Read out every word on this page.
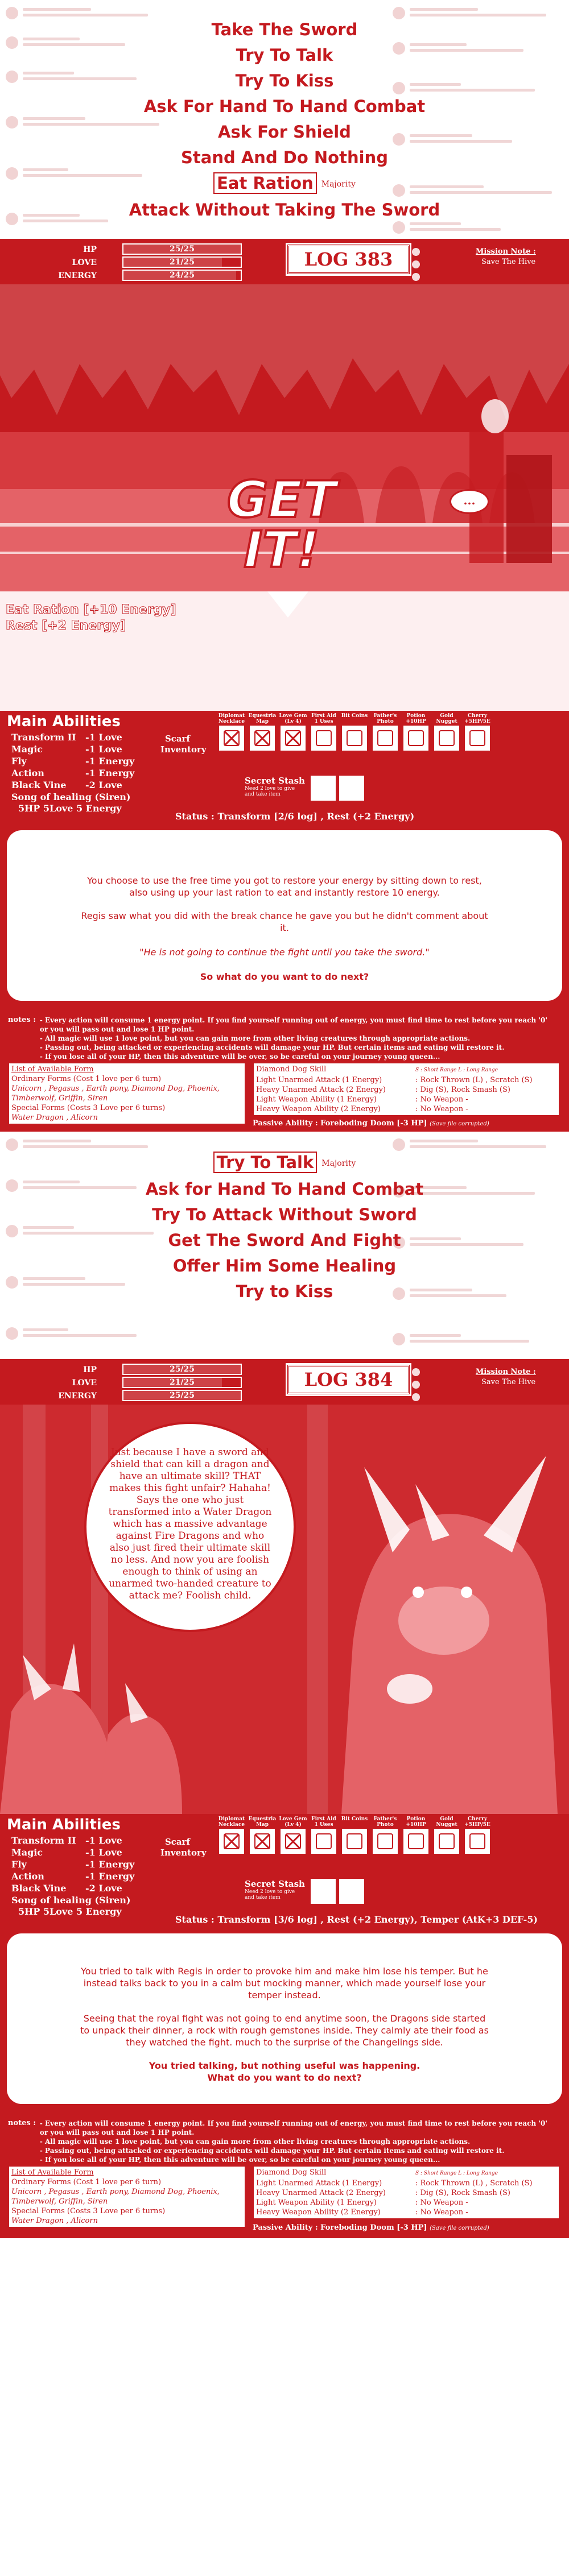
Take The Sword
Try To Talk
Try To Kiss
Ask For Hand To Hand Combat
Ask For Shield
Stand And Do Nothing
Eat Ration Majority
Attack Without Taking The Sword
HP	25/25
LOVE	21/25
ENERGY	24/25
LOG 383	Mission Note :
Save The Hive
GET
IT!
...
Eat Ration [+10 Energy]
Rest [+2 Energy]
Main Abilities
Transform II -1 Love
Magic	-1 Love
Fly	-1 Energy
Action	-1 Energy
Black Vine -2 Love
Song of healing (Siren)
5HP 5Love 5 Energy
Scarf Inventory
Diplomat Necklace
Equestria Map
Love Gem (Lv 4)
First Aid 1 Uses
Bit Coins	Father's Photo
Potion +10HP
Gold Nugget
Cherry +5HP/5E
Secret Stash
Need 2 love to give and take item
Status : Transform [2/6 log] , Rest (+2 Energy)

You choose to use the free time you got to restore your energy by sitting down to rest, also using up your last ration to eat and instantly restore 10 energy.

Regis saw what you did with the break chance he gave you but he didn't comment about it.

"He is not going to continue the fight until you take the sword."

So what do you want to do next?

notes : - Every action will consume 1 energy point. If you find yourself running out of energy, you must find time to rest before you reach '0' or you will pass out and lose 1 HP point.
- All magic will use 1 love point, but you can gain more from other living creatures through appropriate actions.
- Passing out, being attacked or experiencing accidents will damage your HP. But certain items and eating will restore it.
- If you lose all of your HP, then this adventure will be over, so be careful on your journey young queen...
List of Available Form
Ordinary Forms (Cost 1 love per 6 turn)
Unicorn , Pegasus , Earth pony, Diamond Dog, Phoenix, Timberwolf, Griffin, Siren
Special Forms (Costs 3 Love per 6 turns)
Water Dragon , Alicorn
Diamond Dog Skill	S : Short Range L : Long Range
Light Unarmed Attack (1 Energy)	: Rock Thrown (L) , Scratch (S)
Heavy Unarmed Attack (2 Energy)	: Dig (S), Rock Smash (S)
Light Weapon Ability (1 Energy)	: No Weapon -
Heavy Weapon Ability (2 Energy)	: No Weapon -
Passive Ability : Foreboding Doom [-3 HP] (Save file corrupted)
Try To Talk Majority
Ask for Hand To Hand Combat
Try To Attack Without Sword
Get The Sword And Fight
Offer Him Some Healing
Try to Kiss
HP	25/25
LOVE	21/25
ENERGY	25/25
LOG 384	Mission Note :
Save The Hive
Just because I have a sword and shield that can kill a dragon and have an ultimate skill? THAT makes this fight unfair? Hahaha! Says the one who just transformed into a Water Dragon which has a massive advantage against Fire Dragons and who also just fired their ultimate skill no less. And now you are foolish enough to think of using an unarmed two-handed creature to attack me? Foolish child.
Main Abilities
Transform II -1 Love
Magic	-1 Love
Fly	-1 Energy
Action	-1 Energy
Black Vine -2 Love
Song of healing (Siren)
5HP 5Love 5 Energy
Scarf Inventory
Diplomat Necklace
Equestria Map
Love Gem (Lv 4)
First Aid 1 Uses
Bit Coins	Father's Photo
Potion +10HP
Gold Nugget
Cherry +5HP/5E
Secret Stash
Need 2 love to give and take item
Status : Transform [3/6 log] , Rest (+2 Energy), Temper (AtK+3 DEF-5)

You tried to talk with Regis in order to provoke him and make him lose his temper. But he instead talks back to you in a calm but mocking manner, which made yourself lose your temper instead.

Seeing that the royal fight was not going to end anytime soon, the Dragons side started to unpack their dinner, a rock with rough gemstones inside. They calmly ate their food as they watched the fight. much to the surprise of the Changelings side.

You tried talking, but nothing useful was happening.

What do you want to do next?

notes : - Every action will consume 1 energy point. If you find yourself running out of energy, you must find time to rest before you reach '0' or you will pass out and lose 1 HP point.
- All magic will use 1 love point, but you can gain more from other living creatures through appropriate actions.
- Passing out, being attacked or experiencing accidents will damage your HP. But certain items and eating will restore it.
- If you lose all of your HP, then this adventure will be over, so be careful on your journey young queen...
List of Available Form
Ordinary Forms (Cost 1 love per 6 turn)
Unicorn , Pegasus , Earth pony, Diamond Dog, Phoenix, Timberwolf, Griffin, Siren
Special Forms (Costs 3 Love per 6 turns)
Water Dragon , Alicorn
Diamond Dog Skill	S : Short Range L : Long Range
Light Unarmed Attack (1 Energy)	: Rock Thrown (L) , Scratch (S)
Heavy Unarmed Attack (2 Energy)	: Dig (S), Rock Smash (S)
Light Weapon Ability (1 Energy)	: No Weapon -
Heavy Weapon Ability (2 Energy)	: No Weapon -
Passive Ability : Foreboding Doom [-3 HP] (Save file corrupted)
